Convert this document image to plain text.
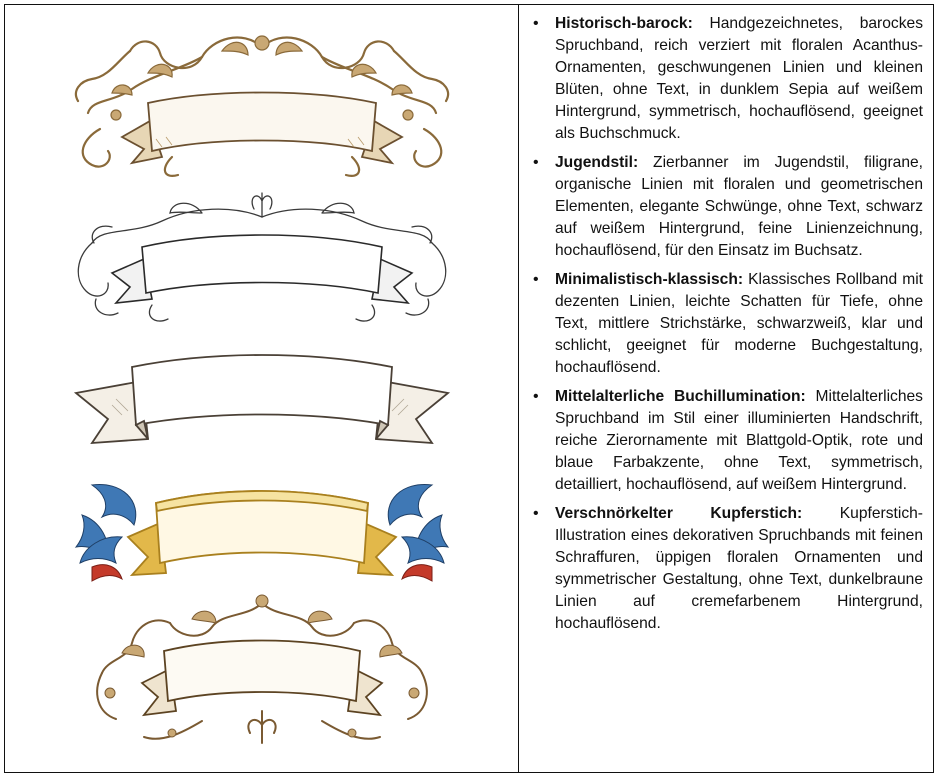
• Historisch-barock: Handgezeichnetes, barockes Spruchband, reich verziert mit floralen Acanthus-Ornamenten, geschwungenen Linien und kleinen Blüten, ohne Text, in dunklem Sepia auf weißem Hintergrund, symmetrisch, hochauflösend, geeignet als Buchschmuck.
• Jugendstil: Zierbanner im Jugendstil, filigrane, organische Linien mit floralen und geometrischen Elementen, elegante Schwünge, ohne Text, schwarz auf weißem Hintergrund, feine Linienzeichnung, hochauflösend, für den Einsatz im Buchsatz.
• Minimalistisch-klassisch: Klassisches Rollband mit dezenten Linien, leichte Schatten für Tiefe, ohne Text, mittlere Strichstärke, schwarzweiß, klar und schlicht, geeignet für moderne Buchgestaltung, hochauflösend.
• Mittelalterliche Buchillumination: Mittelalterliches Spruchband im Stil einer illuminierten Handschrift, reiche Zierornamente mit Blattgold-Optik, rote und blaue Farbakzente, ohne Text, symmetrisch, detailliert, hochauflösend, auf weißem Hintergrund.
• Verschnörkelter Kupferstich: Kupferstich-Illustration eines dekorativen Spruchbands mit feinen Schraffuren, üppigen floralen Ornamenten und symmetrischer Gestaltung, ohne Text, dunkelbraune Linien auf cremefarbenem Hintergrund, hochauflösend.
